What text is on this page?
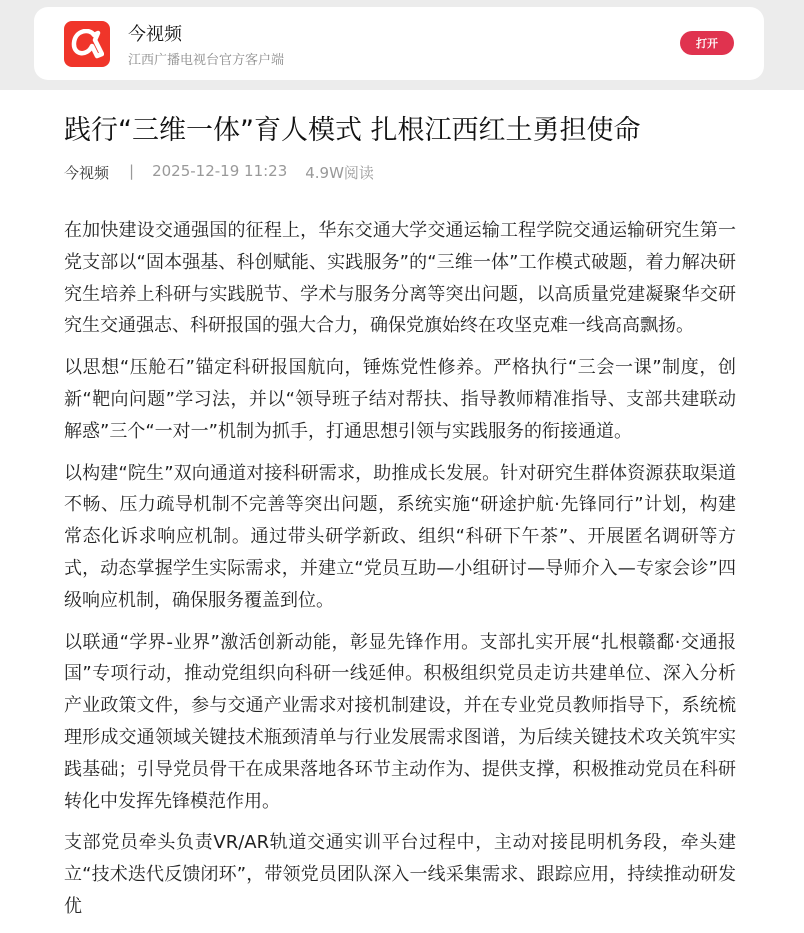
今视频
江西广播电视台官方客户端
打开
践行“三维一体”育人模式 扎根江西红土勇担使命
今视频 | 2025-12-19 11:23 4.9W阅读

在加快建设交通强国的征程上，华东交通大学交通运输工程学院交通运输研究生第一党支部以“固本强基、科创赋能、实践服务”的“三维一体”工作模式破题，着力解决研究生培养上科研与实践脱节、学术与服务分离等突出问题，以高质量党建凝聚华交研究生交通强志、科研报国的强大合力，确保党旗始终在攻坚克难一线高高飘扬。

以思想“压舱石”锚定科研报国航向，锤炼党性修养。严格执行“三会一课”制度，创新“靶向问题”学习法，并以“领导班子结对帮扶、指导教师精准指导、支部共建联动解惑”三个“一对一”机制为抓手，打通思想引领与实践服务的衔接通道。

以构建“院生”双向通道对接科研需求，助推成长发展。针对研究生群体资源获取渠道不畅、压力疏导机制不完善等突出问题，系统实施“研途护航·先锋同行”计划，构建常态化诉求响应机制。通过带头研学新政、组织“科研下午茶”、开展匿名调研等方式，动态掌握学生实际需求，并建立“党员互助—小组研讨—导师介入—专家会诊”四级响应机制，确保服务覆盖到位。

以联通“学界-业界”激活创新动能，彰显先锋作用。支部扎实开展“扎根赣鄱·交通报国”专项行动，推动党组织向科研一线延伸。积极组织党员走访共建单位、深入分析产业政策文件，参与交通产业需求对接机制建设，并在专业党员教师指导下，系统梳理形成交通领域关键技术瓶颈清单与行业发展需求图谱，为后续关键技术攻关筑牢实践基础；引导党员骨干在成果落地各环节主动作为、提供支撑，积极推动党员在科研转化中发挥先锋模范作用。

支部党员牵头负责VR/AR轨道交通实训平台过程中，主动对接昆明机务段，牵头建立“技术迭代反馈闭环”，带领党员团队深入一线采集需求、跟踪应用，持续推动研发优
